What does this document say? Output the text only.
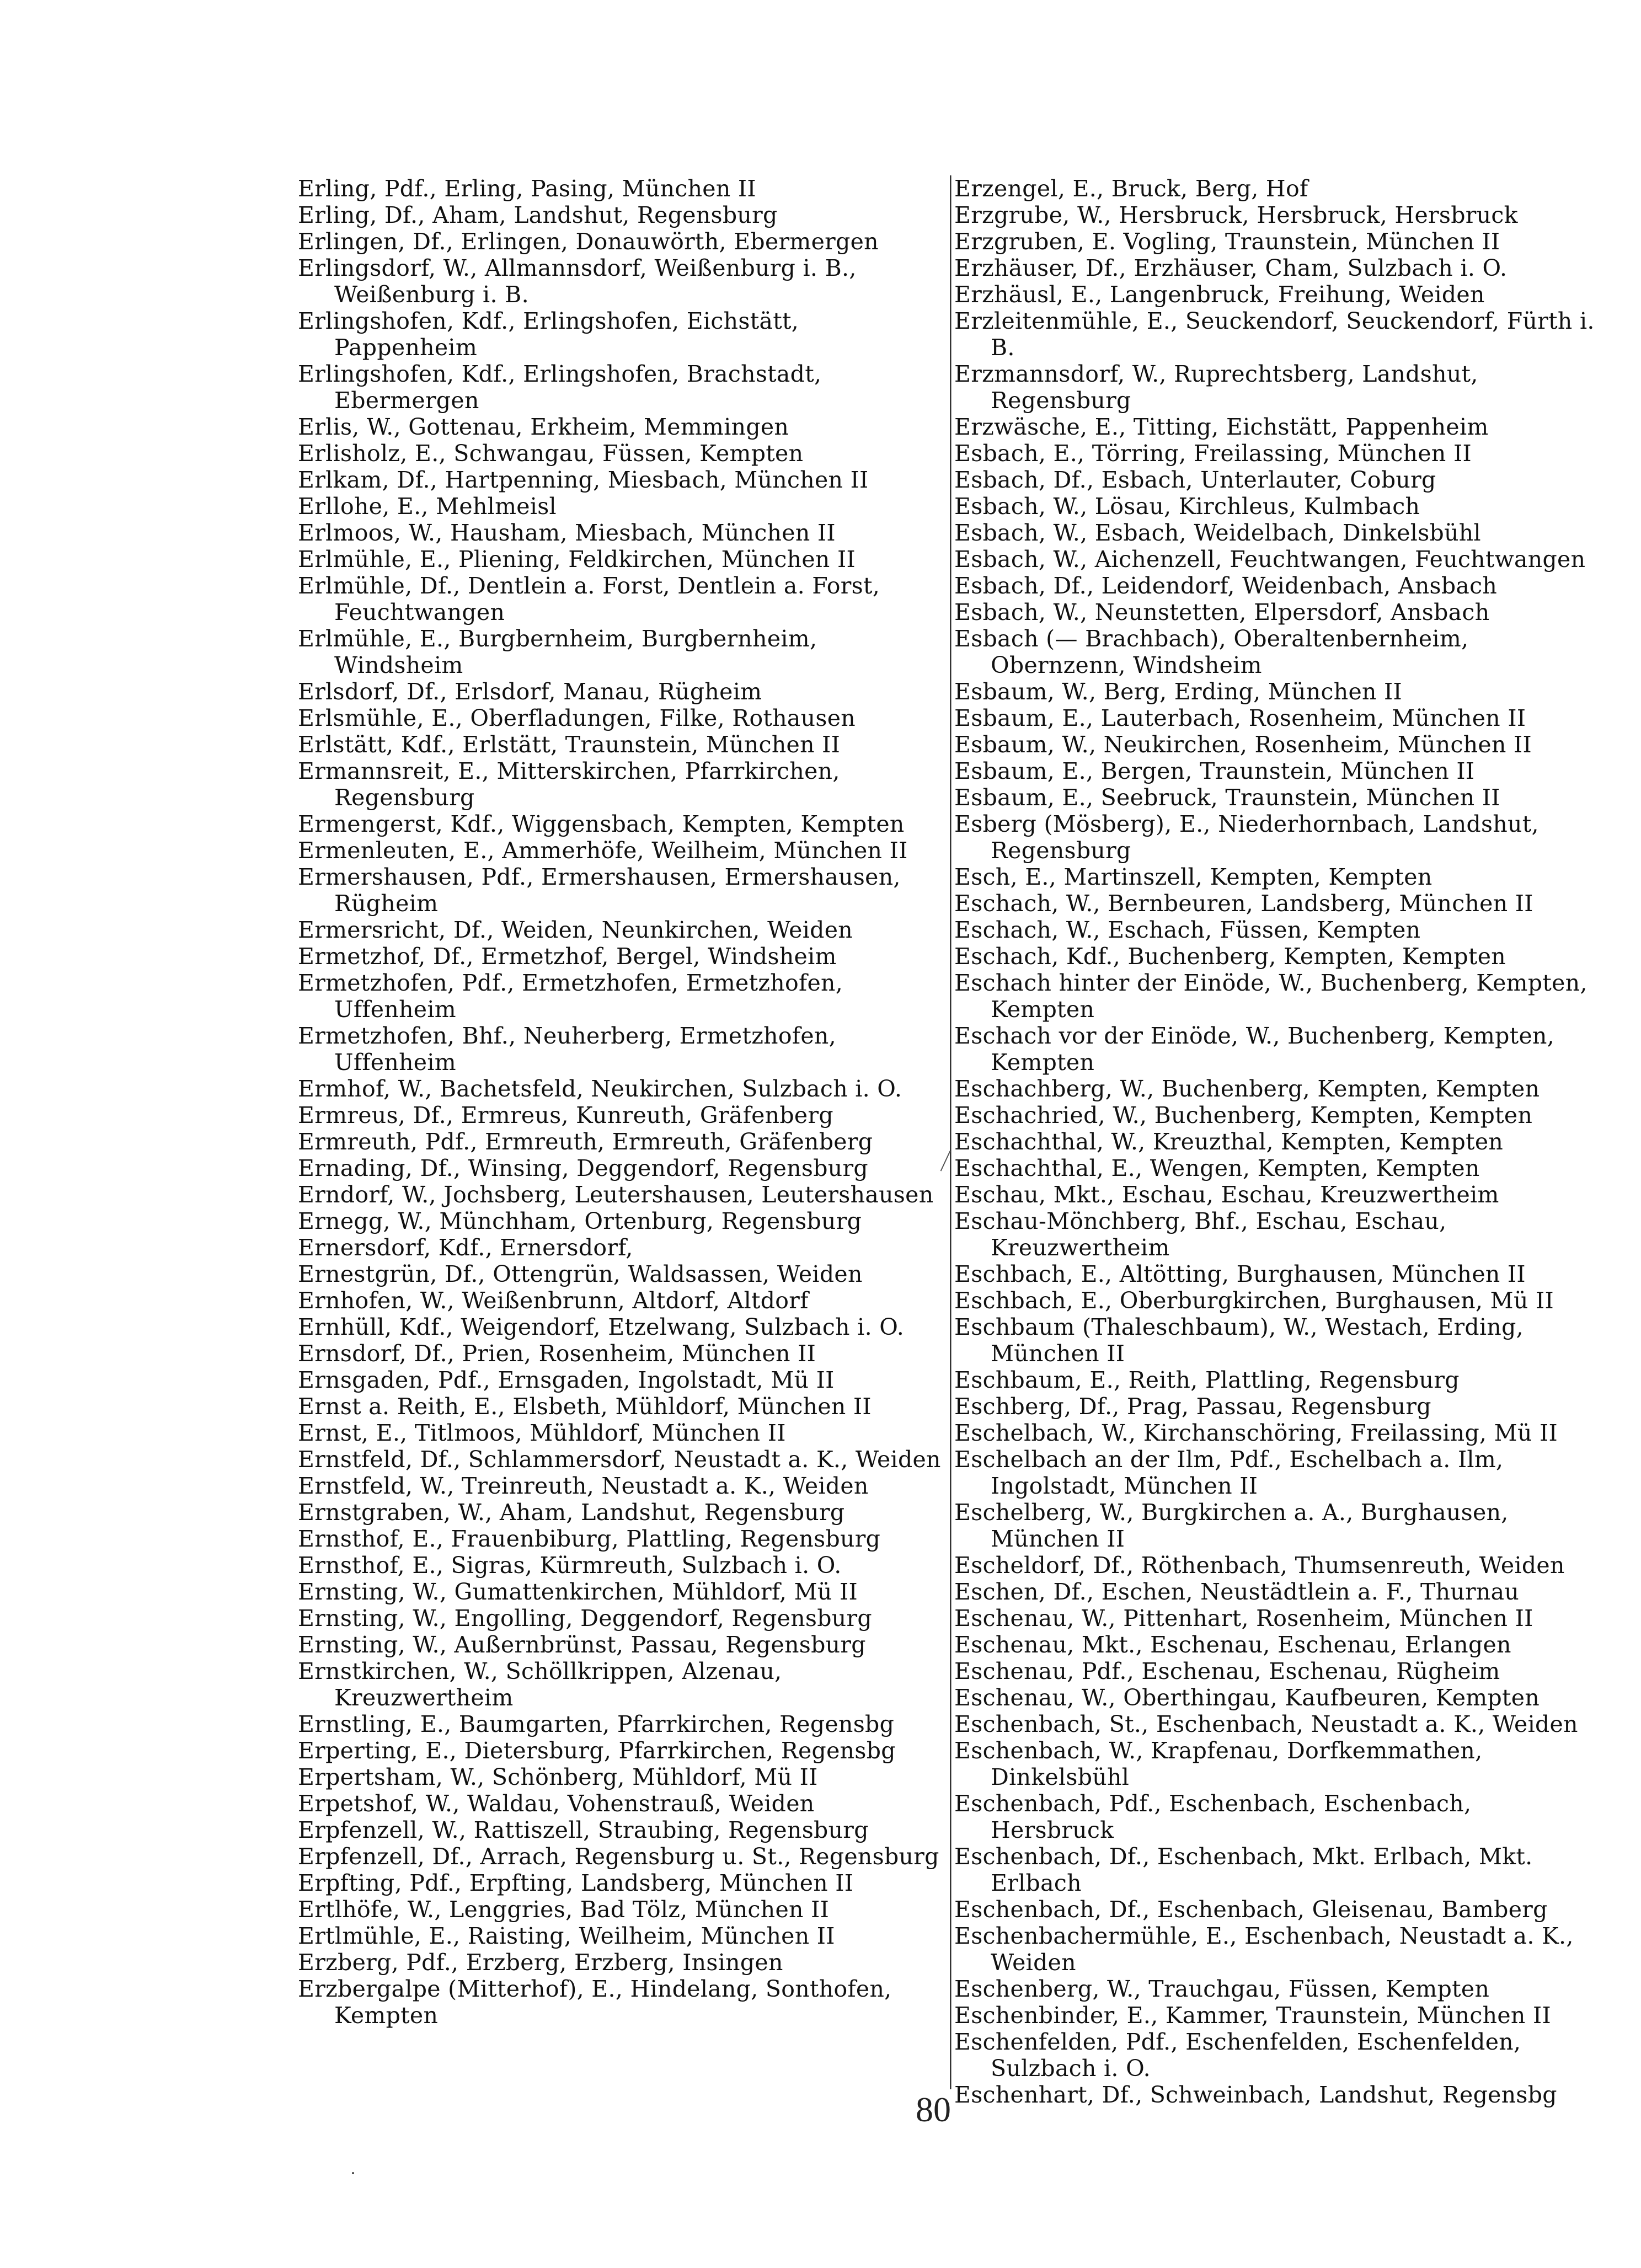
Erling, Pdf., Erling, Pasing, München II

Erling, Df., Aham, Landshut, Regensburg

Erlingen, Df., Erlingen, Donauwörth, Ebermergen

Erlingsdorf, W., Allmannsdorf, Weißenburg i. B., Weißenburg i. B.

Erlingshofen, Kdf., Erlingshofen, Eichstätt, Pappenheim

Erlingshofen, Kdf., Erlingshofen, Brachstadt, Ebermergen

Erlis, W., Gottenau, Erkheim, Memmingen

Erlisholz, E., Schwangau, Füssen, Kempten

Erlkam, Df., Hartpenning, Miesbach, München II

Erllohe, E., Mehlmeisl

Erlmoos, W., Hausham, Miesbach, München II

Erlmühle, E., Pliening, Feldkirchen, München II

Erlmühle, Df., Dentlein a. Forst, Dentlein a. Forst, Feuchtwangen

Erlmühle, E., Burgbernheim, Burgbernheim, Windsheim

Erlsdorf, Df., Erlsdorf, Manau, Rügheim

Erlsmühle, E., Oberfladungen, Filke, Rothausen

Erlstätt, Kdf., Erlstätt, Traunstein, München II

Ermannsreit, E., Mitterskirchen, Pfarrkirchen, Regensburg

Ermengerst, Kdf., Wiggensbach, Kempten, Kempten

Ermenleuten, E., Ammerhöfe, Weilheim, München II

Ermershausen, Pdf., Ermershausen, Ermershausen, Rügheim

Ermersricht, Df., Weiden, Neunkirchen, Weiden

Ermetzhof, Df., Ermetzhof, Bergel, Windsheim

Ermetzhofen, Pdf., Ermetzhofen, Ermetzhofen, Uffenheim

Ermetzhofen, Bhf., Neuherberg, Ermetzhofen, Uffenheim

Ermhof, W., Bachetsfeld, Neukirchen, Sulzbach i. O.

Ermreus, Df., Ermreus, Kunreuth, Gräfenberg

Ermreuth, Pdf., Ermreuth, Ermreuth, Gräfenberg

Ernading, Df., Winsing, Deggendorf, Regensburg

Erndorf, W., Jochsberg, Leutershausen, Leutershausen

Ernegg, W., Münchham, Ortenburg, Regensburg

Ernersdorf, Kdf., Ernersdorf,

Ernestgrün, Df., Ottengrün, Waldsassen, Weiden

Ernhofen, W., Weißenbrunn, Altdorf, Altdorf

Ernhüll, Kdf., Weigendorf, Etzelwang, Sulzbach i. O.

Ernsdorf, Df., Prien, Rosenheim, München II

Ernsgaden, Pdf., Ernsgaden, Ingolstadt, Mü II

Ernst a. Reith, E., Elsbeth, Mühldorf, München II

Ernst, E., Titlmoos, Mühldorf, München II

Ernstfeld, Df., Schlammersdorf, Neustadt a. K., Weiden

Ernstfeld, W., Treinreuth, Neustadt a. K., Weiden

Ernstgraben, W., Aham, Landshut, Regensburg

Ernsthof, E., Frauenbiburg, Plattling, Regensburg

Ernsthof, E., Sigras, Kürmreuth, Sulzbach i. O.

Ernsting, W., Gumattenkirchen, Mühldorf, Mü II

Ernsting, W., Engolling, Deggendorf, Regensburg

Ernsting, W., Außernbrünst, Passau, Regensburg

Ernstkirchen, W., Schöllkrippen, Alzenau, Kreuzwertheim

Ernstling, E., Baumgarten, Pfarrkirchen, Regensbg

Erperting, E., Dietersburg, Pfarrkirchen, Regensbg

Erpertsham, W., Schönberg, Mühldorf, Mü II

Erpetshof, W., Waldau, Vohenstrauß, Weiden

Erpfenzell, W., Rattiszell, Straubing, Regensburg

Erpfenzell, Df., Arrach, Regensburg u. St., Regensburg

Erpfting, Pdf., Erpfting, Landsberg, München II

Ertlhöfe, W., Lenggries, Bad Tölz, München II

Ertlmühle, E., Raisting, Weilheim, München II

Erzberg, Pdf., Erzberg, Erzberg, Insingen

Erzbergalpe (Mitterhof), E., Hindelang, Sonthofen, Kempten

Erzengel, E., Bruck, Berg, Hof

Erzgrube, W., Hersbruck, Hersbruck, Hersbruck

Erzgruben, E. Vogling, Traunstein, München II

Erzhäuser, Df., Erzhäuser, Cham, Sulzbach i. O.

Erzhäusl, E., Langenbruck, Freihung, Weiden

Erzleitenmühle, E., Seuckendorf, Seuckendorf, Fürth i. B.

Erzmannsdorf, W., Ruprechtsberg, Landshut, Regensburg

Erzwäsche, E., Titting, Eichstätt, Pappenheim

Esbach, E., Törring, Freilassing, München II

Esbach, Df., Esbach, Unterlauter, Coburg

Esbach, W., Lösau, Kirchleus, Kulmbach

Esbach, W., Esbach, Weidelbach, Dinkelsbühl

Esbach, W., Aichenzell, Feuchtwangen, Feuchtwangen

Esbach, Df., Leidendorf, Weidenbach, Ansbach

Esbach, W., Neunstetten, Elpersdorf, Ansbach

Esbach (— Brachbach), Oberaltenbernheim, Obernzenn, Windsheim

Esbaum, W., Berg, Erding, München II

Esbaum, E., Lauterbach, Rosenheim, München II

Esbaum, W., Neukirchen, Rosenheim, München II

Esbaum, E., Bergen, Traunstein, München II

Esbaum, E., Seebruck, Traunstein, München II

Esberg (Mösberg), E., Niederhornbach, Landshut, Regensburg

Esch, E., Martinszell, Kempten, Kempten

Eschach, W., Bernbeuren, Landsberg, München II

Eschach, W., Eschach, Füssen, Kempten

Eschach, Kdf., Buchenberg, Kempten, Kempten

Eschach hinter der Einöde, W., Buchenberg, Kempten, Kempten

Eschach vor der Einöde, W., Buchenberg, Kempten, Kempten

Eschachberg, W., Buchenberg, Kempten, Kempten

Eschachried, W., Buchenberg, Kempten, Kempten

Eschachthal, W., Kreuzthal, Kempten, Kempten

Eschachthal, E., Wengen, Kempten, Kempten

Eschau, Mkt., Eschau, Eschau, Kreuzwertheim

Eschau-Mönchberg, Bhf., Eschau, Eschau, Kreuzwertheim

Eschbach, E., Altötting, Burghausen, München II

Eschbach, E., Oberburgkirchen, Burghausen, Mü II

Eschbaum (Thaleschbaum), W., Westach, Erding, München II

Eschbaum, E., Reith, Plattling, Regensburg

Eschberg, Df., Prag, Passau, Regensburg

Eschelbach, W., Kirchanschöring, Freilassing, Mü II

Eschelbach an der Ilm, Pdf., Eschelbach a. Ilm, Ingolstadt, München II

Eschelberg, W., Burgkirchen a. A., Burghausen, München II

Escheldorf, Df., Röthenbach, Thumsenreuth, Weiden

Eschen, Df., Eschen, Neustädtlein a. F., Thurnau

Eschenau, W., Pittenhart, Rosenheim, München II

Eschenau, Mkt., Eschenau, Eschenau, Erlangen

Eschenau, Pdf., Eschenau, Eschenau, Rügheim

Eschenau, W., Oberthingau, Kaufbeuren, Kempten

Eschenbach, St., Eschenbach, Neustadt a. K., Weiden

Eschenbach, W., Krapfenau, Dorfkemmathen, Dinkelsbühl

Eschenbach, Pdf., Eschenbach, Eschenbach, Hersbruck

Eschenbach, Df., Eschenbach, Mkt. Erlbach, Mkt. Erlbach

Eschenbach, Df., Eschenbach, Gleisenau, Bamberg

Eschenbachermühle, E., Eschenbach, Neustadt a. K., Weiden

Eschenberg, W., Trauchgau, Füssen, Kempten

Eschenbinder, E., Kammer, Traunstein, München II

Eschenfelden, Pdf., Eschenfelden, Eschenfelden, Sulzbach i. O.

Eschenhart, Df., Schweinbach, Landshut, Regensbg

80
